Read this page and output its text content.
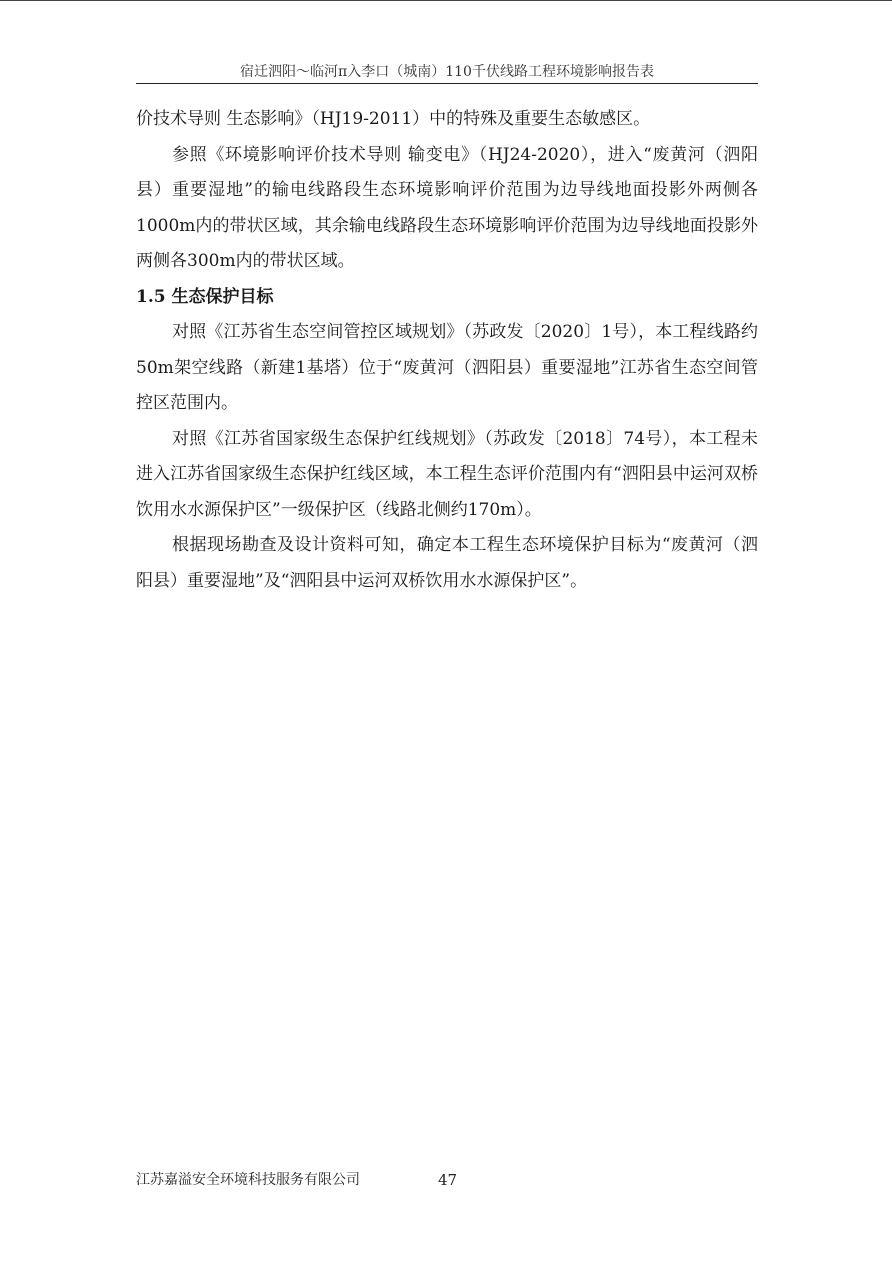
宿迁泗阳～临河π入李口（城南）110千伏线路工程环境影响报告表

价技术导则 生态影响》（HJ19-2011）中的特殊及重要生态敏感区。

参照《环境影响评价技术导则 输变电》（HJ24-2020），进入“废黄河（泗阳县）重要湿地”的输电线路段生态环境影响评价范围为边导线地面投影外两侧各1000m内的带状区域，其余输电线路段生态环境影响评价范围为边导线地面投影外两侧各300m内的带状区域。

1.5 生态保护目标

对照《江苏省生态空间管控区域规划》（苏政发〔2020〕1号），本工程线路约50m架空线路（新建1基塔）位于“废黄河（泗阳县）重要湿地”江苏省生态空间管控区范围内。

对照《江苏省国家级生态保护红线规划》（苏政发〔2018〕74号），本工程未进入江苏省国家级生态保护红线区域，本工程生态评价范围内有“泗阳县中运河双桥饮用水水源保护区”一级保护区（线路北侧约170m）。

根据现场勘查及设计资料可知，确定本工程生态环境保护目标为“废黄河（泗阳县）重要湿地”及“泗阳县中运河双桥饮用水水源保护区”。

江苏嘉溢安全环境科技服务有限公司	47
